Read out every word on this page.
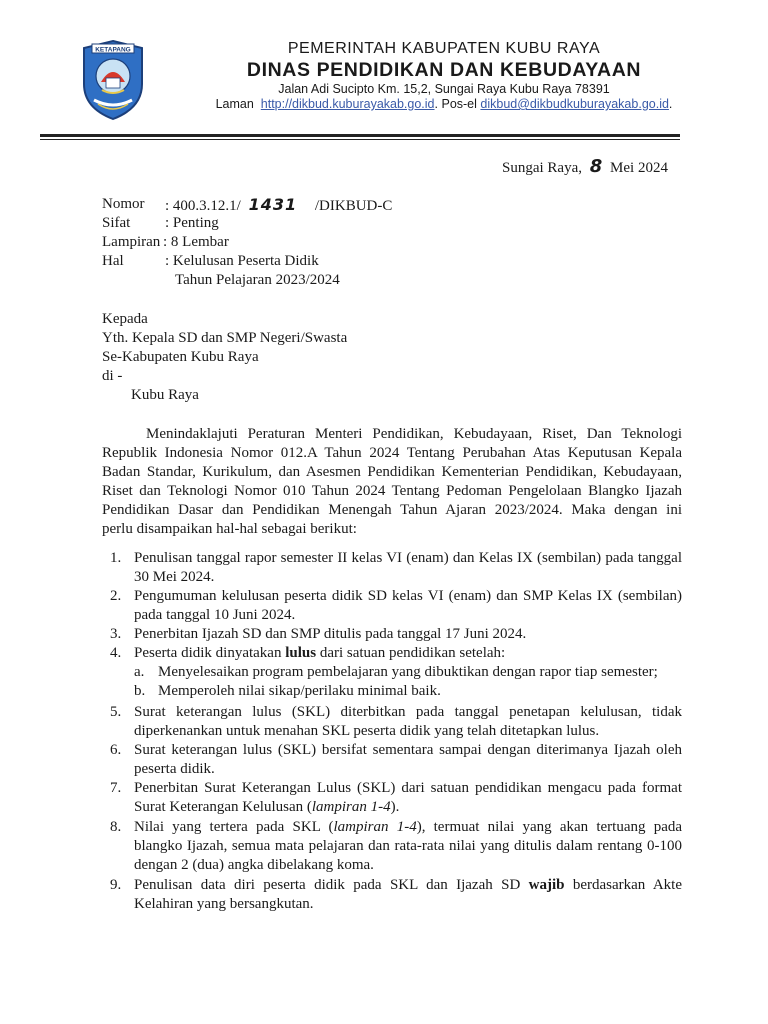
KETAPANG	PEMERINTAH KABUPATEN KUBU RAYA
DINAS PENDIDIKAN DAN KEBUDAYAAN
Jalan Adi Sucipto Km. 15,2, Sungai Raya Kubu Raya 78391
Laman http://dikbud.kuburayakab.go.id. Pos-el dikbud@dikbudkuburayakab.go.id.
Sungai Raya, 8 Mei 2024
Nomor : 400.3.12.1/ 1431 /DIKBUD-C
Sifat : Penting
Lampiran : 8 Lembar
Hal	: Kelulusan Peserta Didik
Tahun Pelajaran 2023/2024
Kepada
Yth. Kepala SD dan SMP Negeri/Swasta
Se-Kabupaten Kubu Raya
di -
Kubu Raya
Menindaklajuti Peraturan Menteri Pendidikan, Kebudayaan, Riset, Dan Teknologi
Republik Indonesia Nomor 012.A Tahun 2024 Tentang Perubahan Atas Keputusan Kepala
Badan Standar, Kurikulum, dan Asesmen Pendidikan Kementerian Pendidikan, Kebudayaan,
Riset dan Teknologi Nomor 010 Tahun 2024 Tentang Pedoman Pengelolaan Blangko Ijazah
Pendidikan Dasar dan Pendidikan Menengah Tahun Ajaran 2023/2024. Maka dengan ini
perlu disampaikan hal-hal sebagai berikut:
1. Penulisan tanggal rapor semester II kelas VI (enam) dan Kelas IX (sembilan) pada tanggal
30 Mei 2024.
2. Pengumuman kelulusan peserta didik SD kelas VI (enam) dan SMP Kelas IX (sembilan)
pada tanggal 10 Juni 2024.
3. Penerbitan Ijazah SD dan SMP ditulis pada tanggal 17 Juni 2024.
4. Peserta didik dinyatakan lulus dari satuan pendidikan setelah:
a. Menyelesaikan program pembelajaran yang dibuktikan dengan rapor tiap semester;
b. Memperoleh nilai sikap/perilaku minimal baik.
5. Surat keterangan lulus (SKL) diterbitkan pada tanggal penetapan kelulusan, tidak
diperkenankan untuk menahan SKL peserta didik yang telah ditetapkan lulus.
6. Surat keterangan lulus (SKL) bersifat sementara sampai dengan diterimanya Ijazah oleh
peserta didik.
7. Penerbitan Surat Keterangan Lulus (SKL) dari satuan pendidikan mengacu pada format
Surat Keterangan Kelulusan (lampiran 1-4).
8. Nilai yang tertera pada SKL (lampiran 1-4), termuat nilai yang akan tertuang pada
blangko Ijazah, semua mata pelajaran dan rata-rata nilai yang ditulis dalam rentang 0-100
dengan 2 (dua) angka dibelakang koma.
9. Penulisan data diri peserta didik pada SKL dan Ijazah SD wajib berdasarkan Akte
Kelahiran yang bersangkutan.
